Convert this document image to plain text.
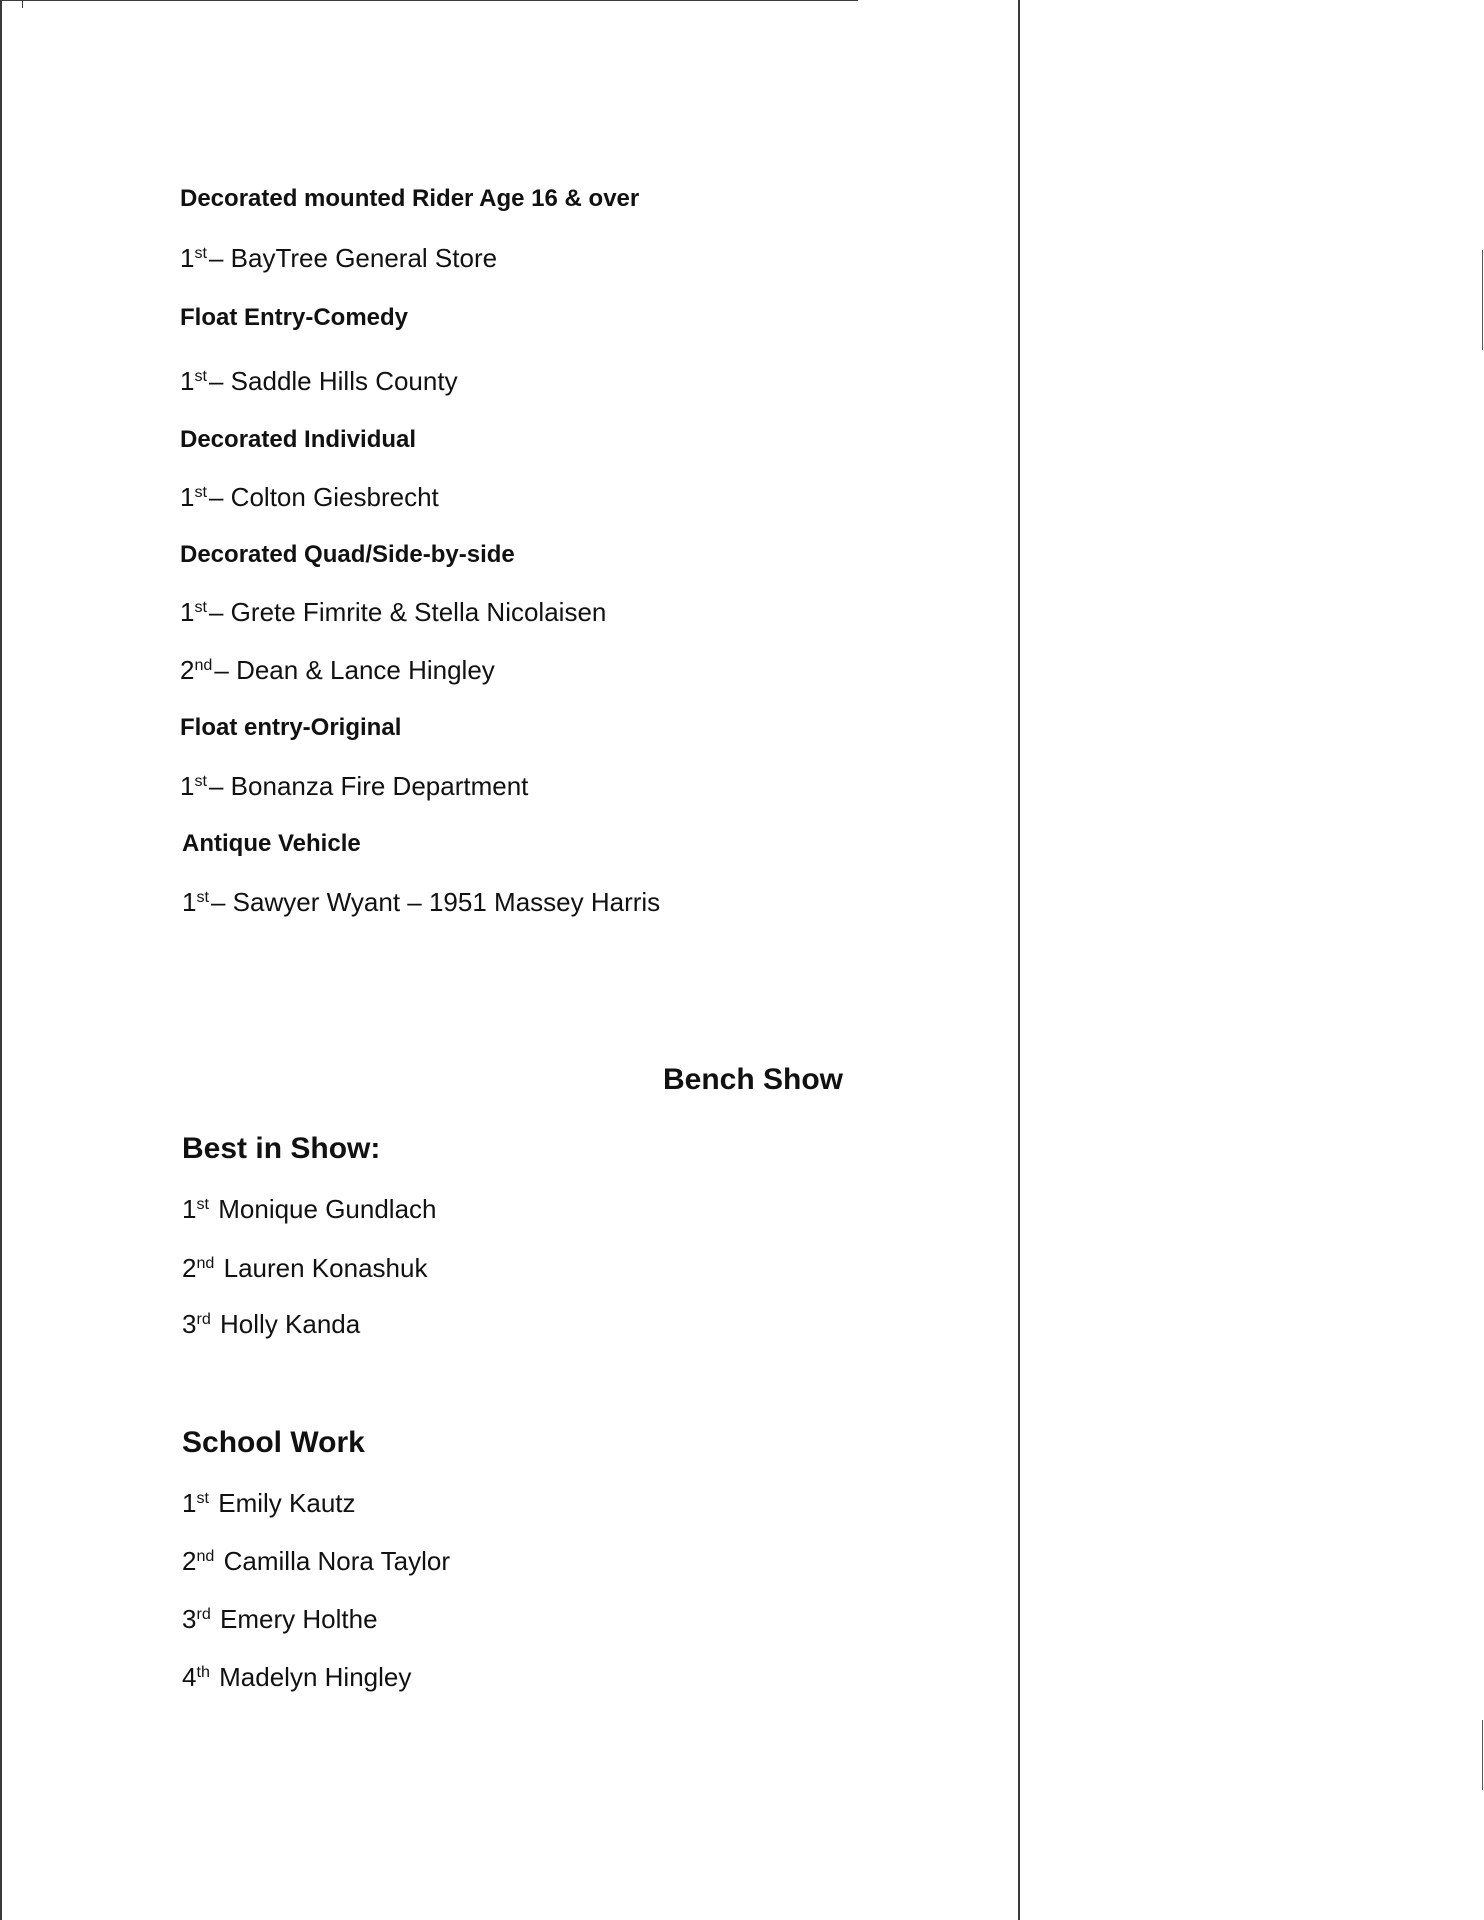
Decorated mounted Rider Age 16 & over
1st– BayTree General Store
Float Entry-Comedy
1st– Saddle Hills County
Decorated Individual
1st– Colton Giesbrecht
Decorated Quad/Side-by-side
1st– Grete Fimrite & Stella Nicolaisen
2nd– Dean & Lance Hingley
Float entry-Original
1st– Bonanza Fire Department
Antique Vehicle
1st– Sawyer Wyant – 1951 Massey Harris
Bench Show
Best in Show:
1st Monique Gundlach
2nd Lauren Konashuk
3rd Holly Kanda
School Work
1st Emily Kautz
2nd Camilla Nora Taylor
3rd Emery Holthe
4th Madelyn Hingley
